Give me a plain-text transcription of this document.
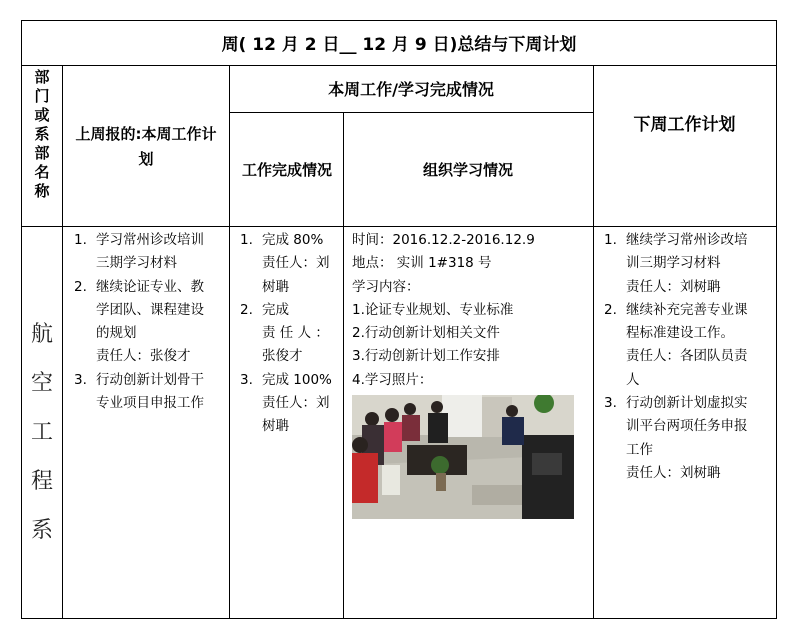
周( 12 月 2 日__ 12 月 9 日)总结与下周计划
部
门
或
系
部
名
称
上周报的:本周工作计划
本周工作/学习完成情况
工作完成情况	组织学习情况
下周工作计划
航
空
工
程
系
1. 学习常州诊改培训
三期学习材料
2. 继续论证专业、教
学团队、课程建设
的规划
责任人：张俊才
3. 行动创新计划骨干
专业项目申报工作
1. 完成 80%
责任人：刘
树聃
2. 完成
责 任 人 ：
张俊才
3. 完成 100%
责任人：刘
树聃
时间：2016.12.2-2016.12.9
地点： 实训 1#318 号
学习内容：
1.论证专业规划、专业标准
2.行动创新计划相关文件
3.行动创新计划工作安排
4.学习照片：
1. 继续学习常州诊改培
训三期学习材料
责任人：刘树聃
2. 继续补充完善专业课
程标准建设工作。
责任人：各团队员责
人
3. 行动创新计划虚拟实
训平台两项任务申报
工作
责任人：刘树聃
